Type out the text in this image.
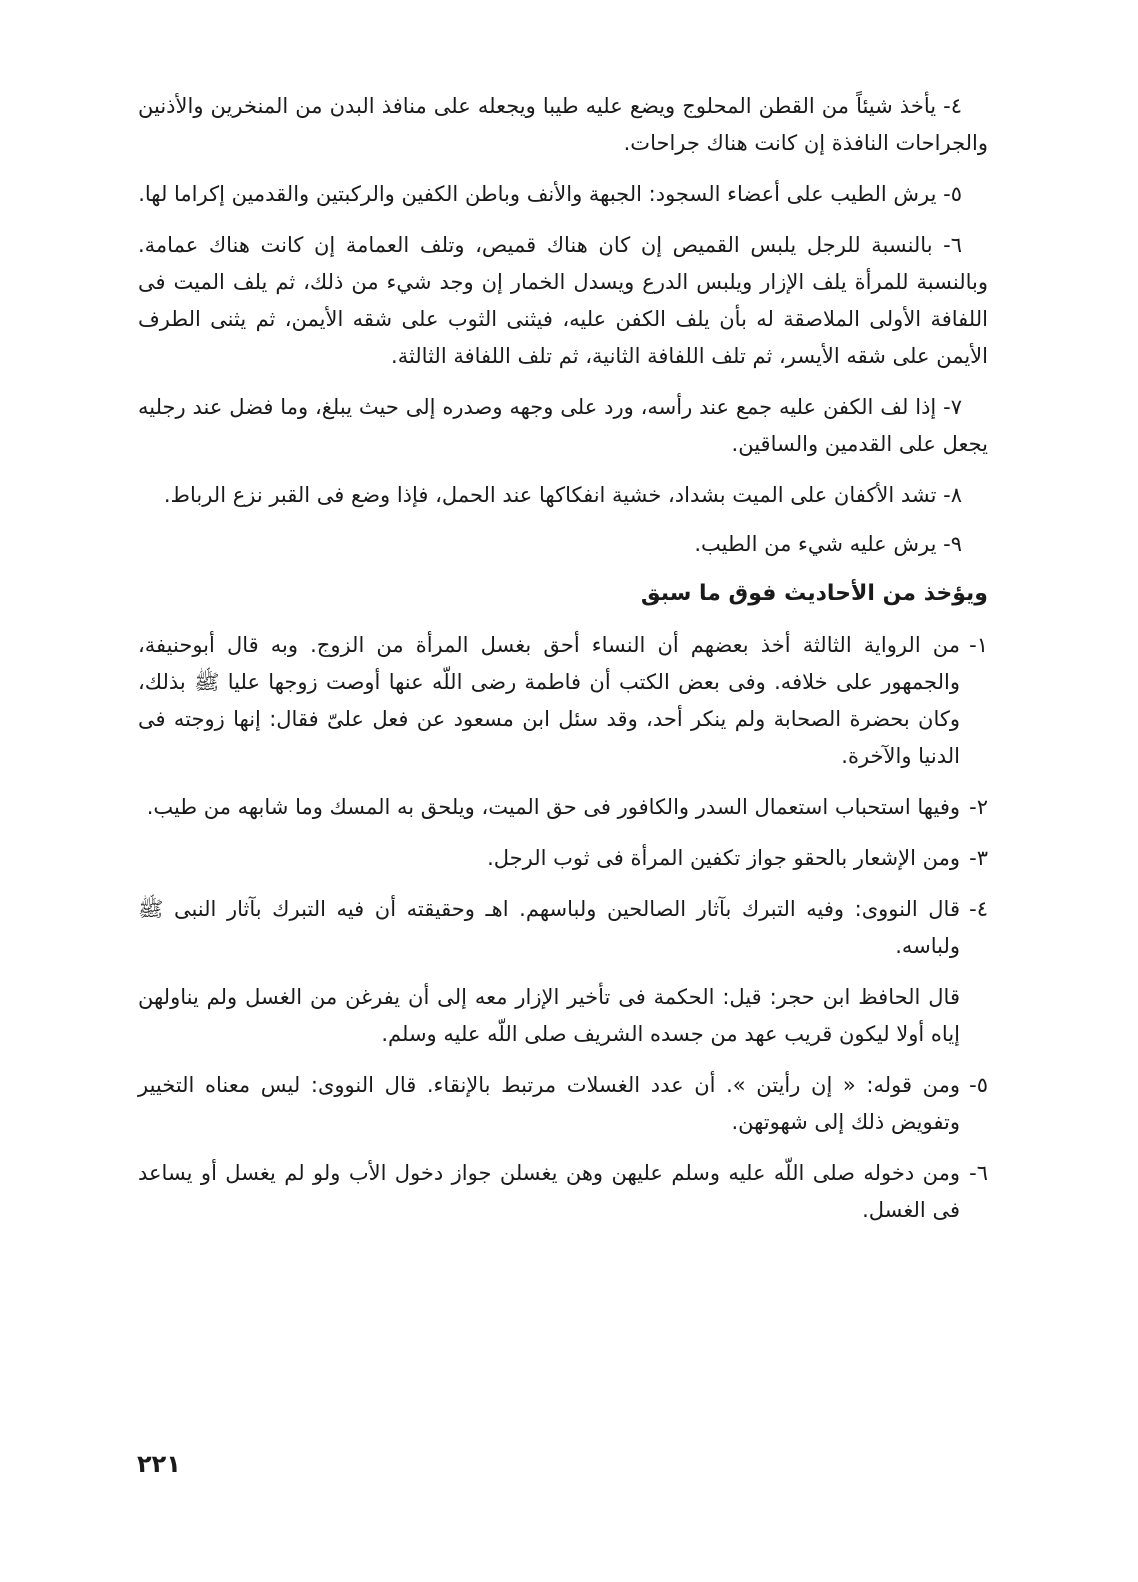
٤- يأخذ شيئاً من القطن المحلوج ويضع عليه طيبا ويجعله على منافذ البدن من المنخرين والأذنين والجراحات النافذة إن كانت هناك جراحات.

٥- يرش الطيب على أعضاء السجود: الجبهة والأنف وباطن الكفين والركبتين والقدمين إكراما لها.

٦- بالنسبة للرجل يلبس القميص إن كان هناك قميص، وتلف العمامة إن كانت هناك عمامة. وبالنسبة للمرأة يلف الإزار ويلبس الدرع ويسدل الخمار إن وجد شيء من ذلك، ثم يلف الميت فى اللفافة الأولى الملاصقة له بأن يلف الكفن عليه، فيثنى الثوب على شقه الأيمن، ثم يثنى الطرف الأيمن على شقه الأيسر، ثم تلف اللفافة الثانية، ثم تلف اللفافة الثالثة.

٧- إذا لف الكفن عليه جمع عند رأسه، ورد على وجهه وصدره إلى حيث يبلغ، وما فضل عند رجليه يجعل على القدمين والساقين.

٨- تشد الأكفان على الميت بشداد، خشية انفكاكها عند الحمل، فإذا وضع فى القبر نزع الرباط.

٩- يرش عليه شيء من الطيب.

ويؤخذ من الأحاديث فوق ما سبق
١-
من الرواية الثالثة أخذ بعضهم أن النساء أحق بغسل المرأة من الزوج. وبه قال أبوحنيفة، والجمهور على خلافه. وفى بعض الكتب أن فاطمة رضى اللّه عنها أوصت زوجها عليا ﷺ بذلك، وكان بحضرة الصحابة ولم ينكر أحد، وقد سئل ابن مسعود عن فعل علىّ فقال: إنها زوجته فى الدنيا والآخرة.
٢-
وفيها استحباب استعمال السدر والكافور فى حق الميت، ويلحق به المسك وما شابهه من طيب.
٣-
ومن الإشعار بالحقو جواز تكفين المرأة فى ثوب الرجل.
٤-
قال النووى: وفيه التبرك بآثار الصالحين ولباسهم. اهـ وحقيقته أن فيه التبرك بآثار النبى ﷺ ولباسه.

قال الحافظ ابن حجر: قيل: الحكمة فى تأخير الإزار معه إلى أن يفرغن من الغسل ولم يناولهن إياه أولا ليكون قريب عهد من جسده الشريف صلى اللّه عليه وسلم.

٥-
ومن قوله: « إن رأيتن ». أن عدد الغسلات مرتبط بالإنقاء. قال النووى: ليس معناه التخيير وتفويض ذلك إلى شهوتهن.
٦-
ومن دخوله صلى اللّه عليه وسلم عليهن وهن يغسلن جواز دخول الأب ولو لم يغسل أو يساعد فى الغسل.
٢٢١
